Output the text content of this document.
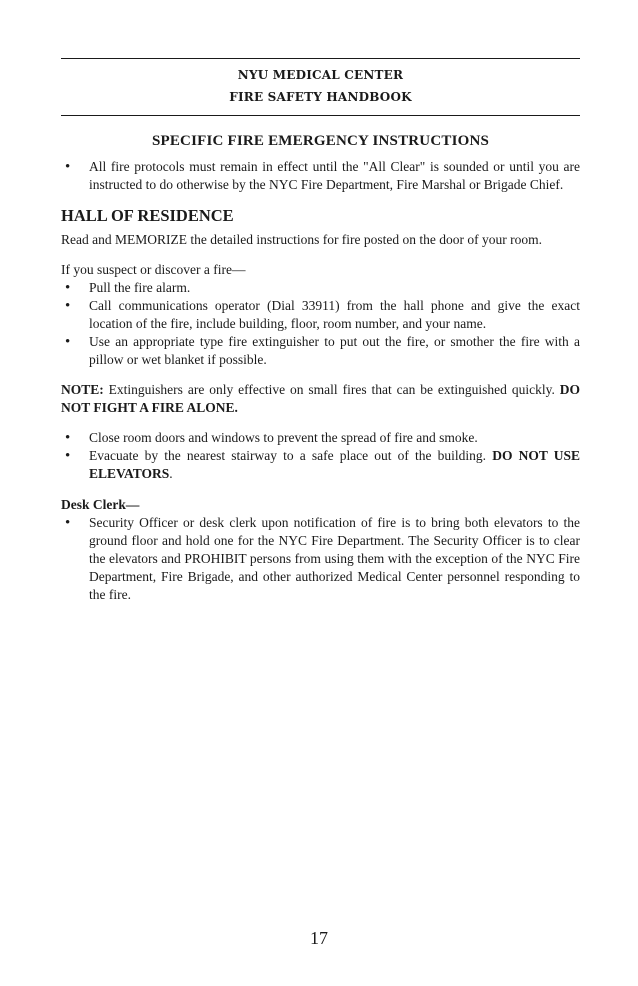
NYU MEDICAL CENTER
FIRE SAFETY HANDBOOK
SPECIFIC FIRE EMERGENCY INSTRUCTIONS
• All fire protocols must remain in effect until the "All Clear" is sounded or until you are instructed to do otherwise by the NYC Fire Department, Fire Marshal or Brigade Chief.
HALL OF RESIDENCE

Read and MEMORIZE the detailed instructions for fire posted on the door of your room.

If you suspect or discover a fire—

• Pull the fire alarm.
• Call communications operator (Dial 33911) from the hall phone and give the exact location of the fire, include building, floor, room number, and your name.
• Use an appropriate type fire extinguisher to put out the fire, or smother the fire with a pillow or wet blanket if possible.

NOTE: Extinguishers are only effective on small fires that can be extinguished quickly. DO NOT FIGHT A FIRE ALONE.

• Close room doors and windows to prevent the spread of fire and smoke.
• Evacuate by the nearest stairway to a safe place out of the building. DO NOT USE ELEVATORS.
Desk Clerk—
• Security Officer or desk clerk upon notification of fire is to bring both elevators to the ground floor and hold one for the NYC Fire Department. The Security Officer is to clear the elevators and PROHIBIT persons from using them with the exception of the NYC Fire Department, Fire Brigade, and other authorized Medical Center personnel responding to the fire.
17
